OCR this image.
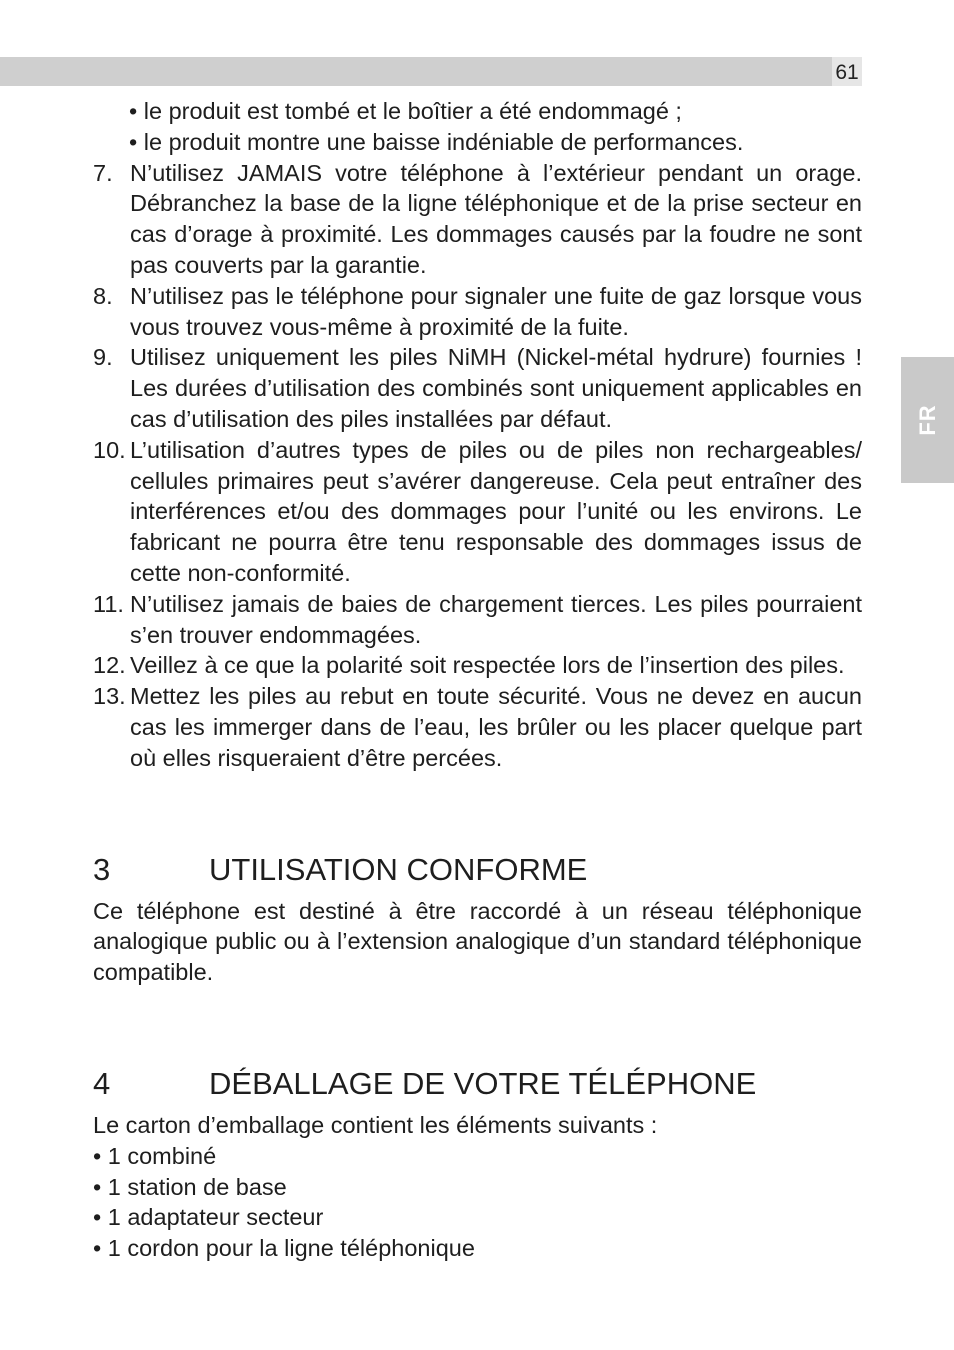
61
FR
• le produit est tombé et le boîtier a été endommagé ;
• le produit montre une baisse indéniable de performances.
7. N’utilisez JAMAIS votre téléphone à l’extérieur pendant un orage. Débranchez la base de la ligne téléphonique et de la prise secteur en cas d’orage à proximité. Les dommages causés par la foudre ne sont pas couverts par la garantie.
8. N’utilisez pas le téléphone pour signaler une fuite de gaz lorsque vous vous trouvez vous-même à proximité de la fuite.
9. Utilisez uniquement les piles NiMH (Nickel-métal hydrure) fournies ! Les durées d’utilisation des combinés sont uniquement applicables en cas d’utilisation des piles installées par défaut.
10. L’utilisation d’autres types de piles ou de piles non rechargeables/ cellules primaires peut s’avérer dangereuse. Cela peut entraîner des interférences et/ou des dommages pour l’unité ou les environs. Le fabricant ne pourra être tenu responsable des dommages issus de cette non-conformité.
11. N’utilisez jamais de baies de chargement tierces. Les piles pourraient s’en trouver endommagées.
12. Veillez à ce que la polarité soit respectée lors de l’insertion des piles.
13. Mettez les piles au rebut en toute sécurité. Vous ne devez en aucun cas les immerger dans de l’eau, les brûler ou les placer quelque part où elles risqueraient d’être percées.
3	UTILISATION CONFORME
Ce téléphone est destiné à être raccordé à un réseau téléphonique analogique public ou à l’extension analogique d’un standard téléphonique compatible.
4	DÉBALLAGE DE VOTRE TÉLÉPHONE
Le carton d’emballage contient les éléments suivants :
• 1 combiné
• 1 station de base
• 1 adaptateur secteur
• 1 cordon pour la ligne téléphonique
